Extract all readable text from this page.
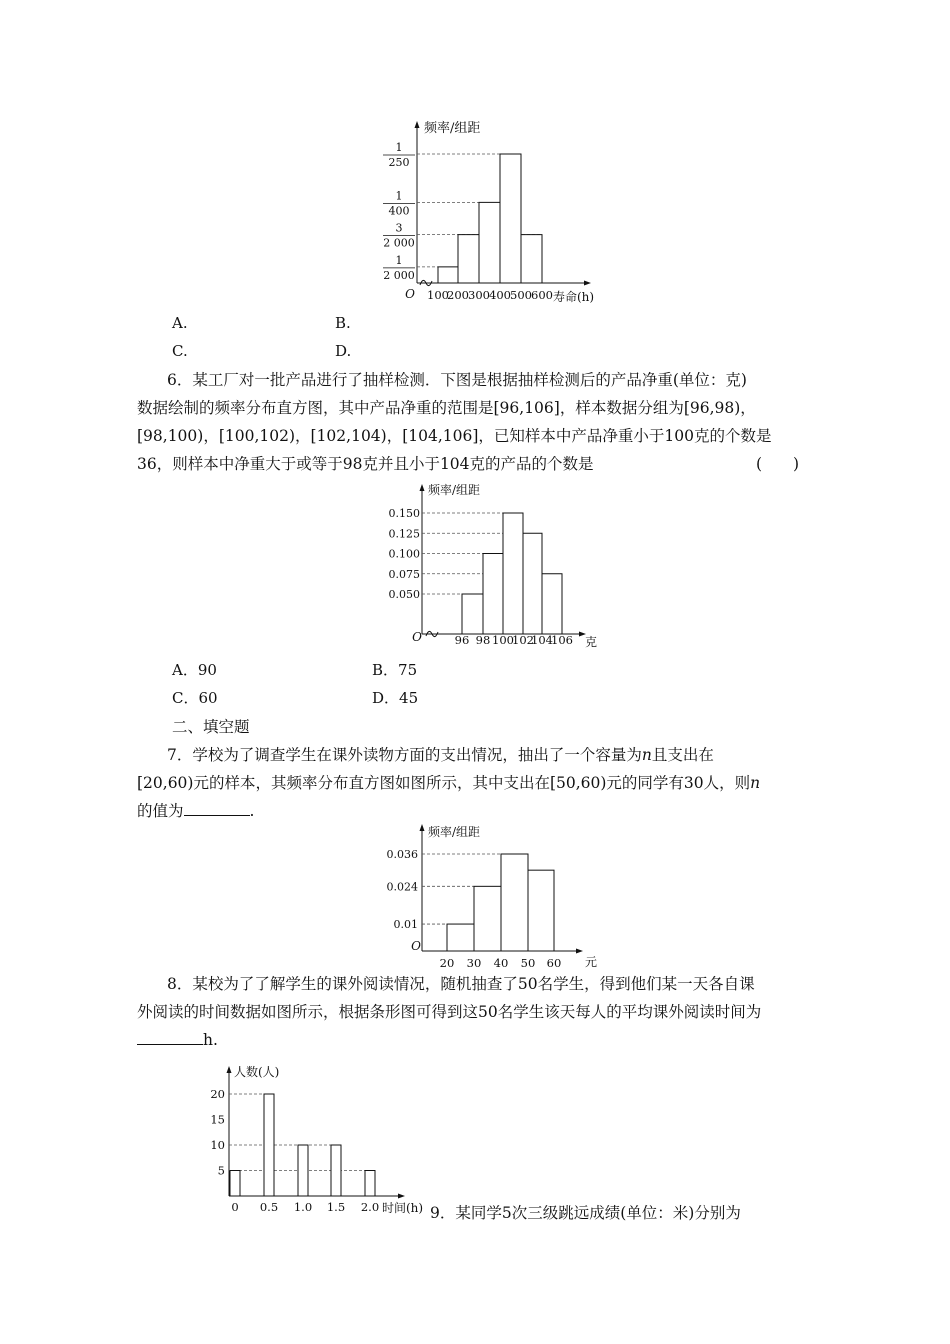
频率/组距
O	寿命(h)
100
200 300 400 500 600
1
2 000
3
2 000
1
400
1
250
A.	B.
C.	D.
6．某工厂对一批产品进行了抽样检测．下图是根据抽样检测后的产品净重(单位：克)
数据绘制的频率分布直方图，其中产品净重的范围是[96,106]，样本数据分组为[96,98)，
[98,100)，[100,102)，[102,104)，[104,106]，已知样本中产品净重小于100克的个数是
36，则样本中净重大于或等于98克并且小于104克的产品的个数是	(　　)
频率/组距
O	克
96 98 100
102
104
106
0.050
0.075
0.100
0.125
0.150
A．90	B．75
C．60	D．45
二、填空题
7．学校为了调查学生在课外读物方面的支出情况，抽出了一个容量为n且支出在
[20,60)元的样本，其频率分布直方图如图所示，其中支出在[50,60)元的同学有30人，则n
的值为	.
频率/组距
O
元
20 30 40 50 60
0.01
0.024
0.036
8．某校为了了解学生的课外阅读情况，随机抽查了50名学生，得到他们某一天各自课
外阅读的时间数据如图所示，根据条形图可得到这50名学生该天每人的平均课外阅读时间为
h.
人数(人)
时间(h)
0 0.5 1.0 1.5 2.0
5
10
15
20
9．某同学5次三级跳远成绩(单位：米)分别为
